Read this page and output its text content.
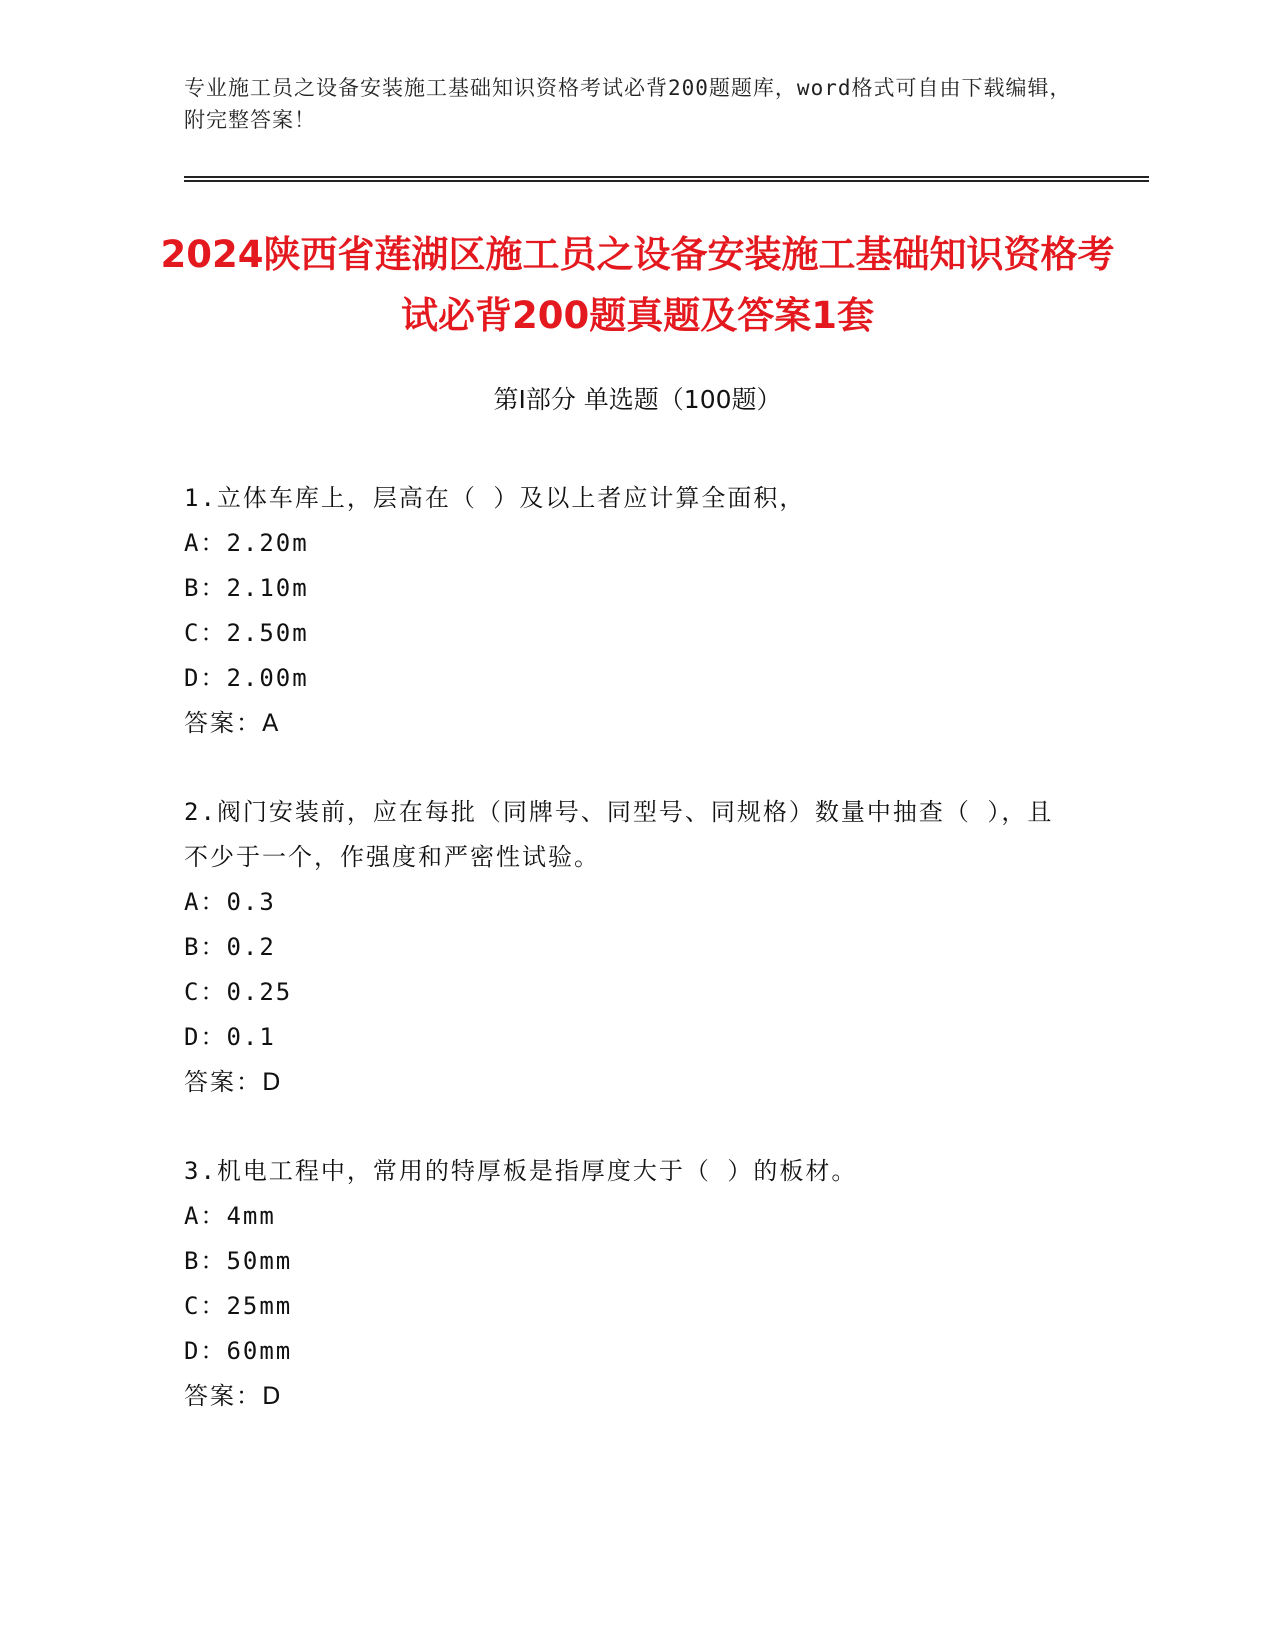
专业施工员之设备安装施工基础知识资格考试必背200题题库，word格式可自由下载编辑，附完整答案！
2024陕西省莲湖区施工员之设备安装施工基础知识资格考试必背200题真题及答案1套
第Ⅰ部分 单选题（100题）
1.立体车库上，层高在（ ）及以上者应计算全面积，
A：2.20m
B：2.10m
C：2.50m
D：2.00m
答案：A
2.阀门安装前，应在每批（同牌号、同型号、同规格）数量中抽查（ ），且不少于一个，作强度和严密性试验。
A：0.3
B：0.2
C：0.25
D：0.1
答案：D
3.机电工程中，常用的特厚板是指厚度大于（ ）的板材。
A：4mm
B：50mm
C：25mm
D：60mm
答案：D
